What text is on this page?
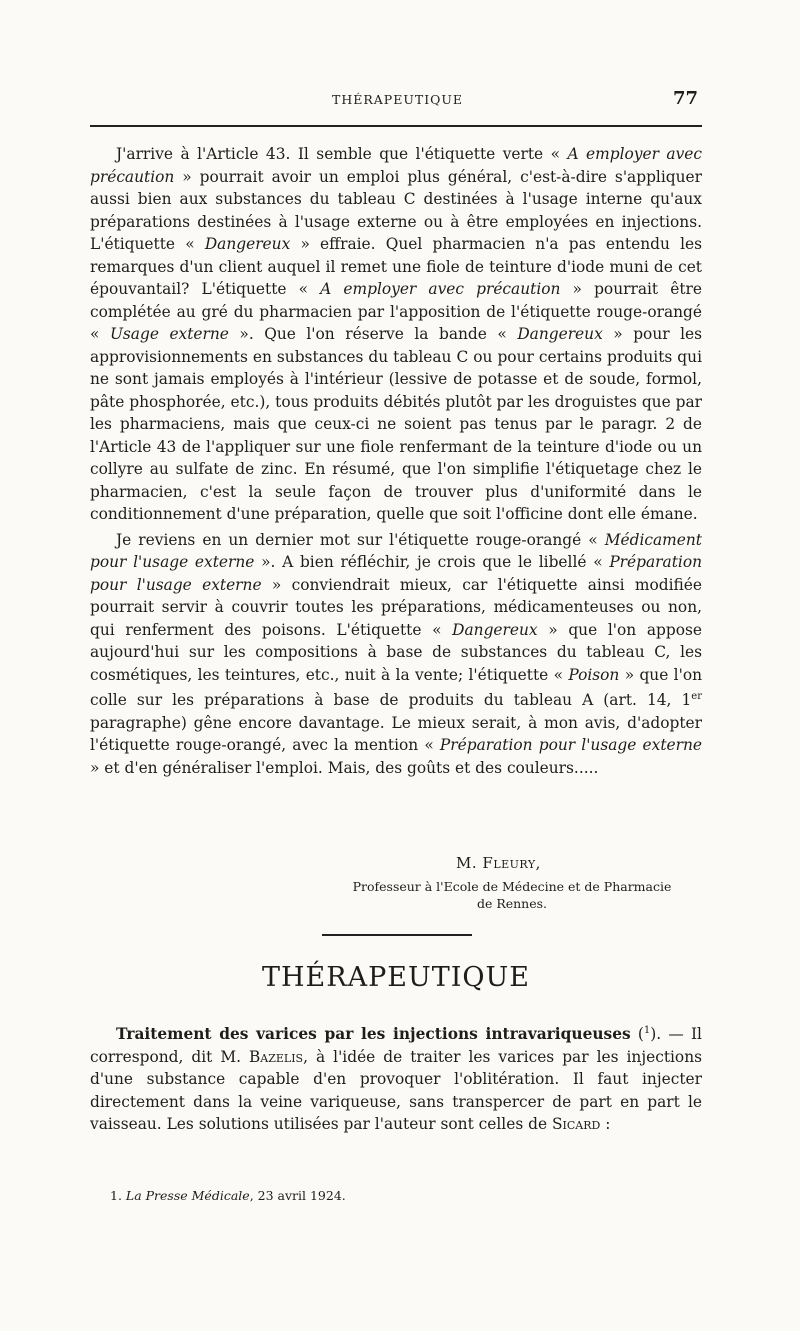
THÉRAPEUTIQUE	77

J'arrive à l'Article 43. Il semble que l'étiquette verte « A employer avec précaution » pourrait avoir un emploi plus général, c'est-à-dire s'appliquer aussi bien aux substances du tableau C destinées à l'usage interne qu'aux préparations destinées à l'usage externe ou à être employées en injections. L'étiquette « Dangereux » effraie. Quel pharmacien n'a pas entendu les remarques d'un client auquel il remet une fiole de teinture d'iode muni de cet épouvantail? L'étiquette « A employer avec précaution » pourrait être complétée au gré du pharmacien par l'apposition de l'étiquette rouge-orangé « Usage externe ». Que l'on réserve la bande « Dangereux » pour les approvisionnements en substances du tableau C ou pour certains produits qui ne sont jamais employés à l'intérieur (lessive de potasse et de soude, formol, pâte phosphorée, etc.), tous produits débités plutôt par les droguistes que par les pharmaciens, mais que ceux-ci ne soient pas tenus par le paragr. 2 de l'Article 43 de l'appliquer sur une fiole renfermant de la teinture d'iode ou un collyre au sulfate de zinc. En résumé, que l'on simplifie l'étiquetage chez le pharmacien, c'est la seule façon de trouver plus d'uniformité dans le conditionnement d'une préparation, quelle que soit l'officine dont elle émane.

Je reviens en un dernier mot sur l'étiquette rouge-orangé « Médicament pour l'usage externe ». A bien réfléchir, je crois que le libellé « Préparation pour l'usage externe » conviendrait mieux, car l'étiquette ainsi modifiée pourrait servir à couvrir toutes les préparations, médicamenteuses ou non, qui renferment des poisons. L'étiquette « Dangereux » que l'on appose aujourd'hui sur les compositions à base de substances du tableau C, les cosmétiques, les teintures, etc., nuit à la vente; l'étiquette « Poison » que l'on colle sur les préparations à base de produits du tableau A (art. 14, 1er paragraphe) gêne encore davantage. Le mieux serait, à mon avis, d'adopter l'étiquette rouge-orangé, avec la mention « Préparation pour l'usage externe » et d'en généraliser l'emploi. Mais, des goûts et des couleurs.....

M. Fleury,
Professeur à l'Ecole de Médecine et de Pharmacie
de Rennes.
THÉRAPEUTIQUE

Traitement des varices par les injections intravariqueuses ($^1$). — Il correspond, dit M. Bazelis, à l'idée de traiter les varices par les injections d'une substance capable d'en provoquer l'oblitération. Il faut injecter directement dans la veine variqueuse, sans transpercer de part en part le vaisseau. Les solutions utilisées par l'auteur sont celles de Sicard :

1. La Presse Médicale, 23 avril 1924.
